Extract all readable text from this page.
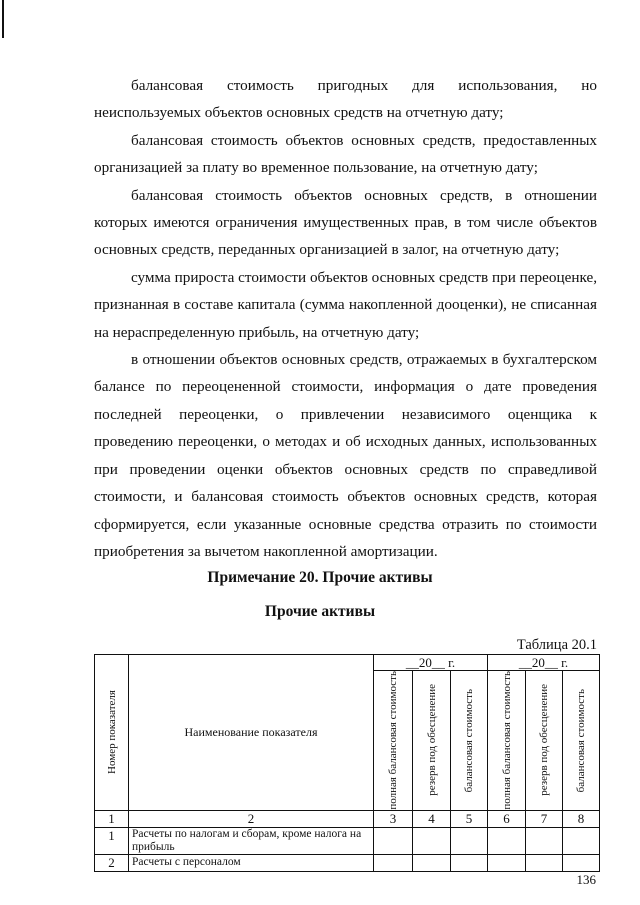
балансовая стоимость пригодных для использования, но неиспользуемых объектов основных средств на отчетную дату;

балансовая стоимость объектов основных средств, предоставленных организацией за плату во временное пользование, на отчетную дату;

балансовая стоимость объектов основных средств, в отношении которых имеются ограничения имущественных прав, в том числе объектов основных средств, переданных организацией в залог, на отчетную дату;

сумма прироста стоимости объектов основных средств при переоценке, признанная в составе капитала (сумма накопленной дооценки), не списанная на нераспределенную прибыль, на отчетную дату;

в отношении объектов основных средств, отражаемых в бухгалтерском балансе по переоцененной стоимости, информация о дате проведения последней переоценки, о привлечении независимого оценщика к проведению переоценки, о методах и об исходных данных, использованных при проведении оценки объектов основных средств по справедливой стоимости, и балансовая стоимость объектов основных средств, которая сформируется, если указанные основные средства отразить по стоимости приобретения за вычетом накопленной амортизации.

Примечание 20. Прочие активы
Прочие активы
Таблица 20.1
Номер показателя	Наименование показателя	__20__ г.			__20__ г.		

		полная балансовая стоимость	резерв под обесценение	балансовая стоимость	полная балансовая стоимость	резерв под обесценение	балансовая стоимость

1	2	3	4	5	6	7	8
1	Расчеты по налогам и сборам, кроме налога на прибыль						
2	Расчеты с персоналом						
136
